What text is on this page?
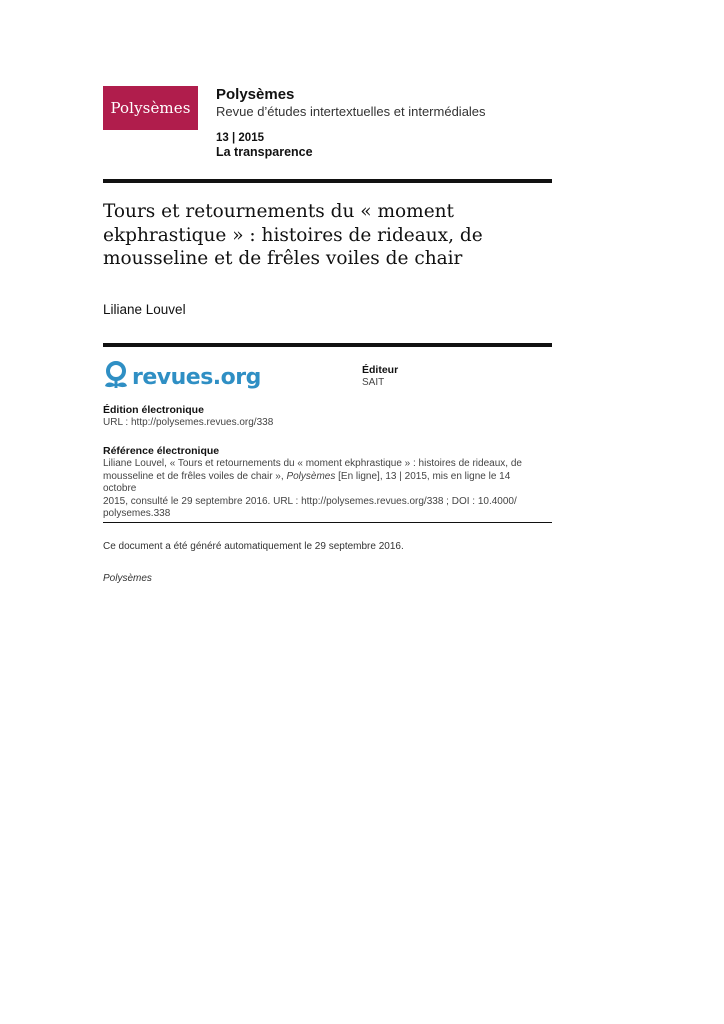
Polysèmes
Polysèmes
Revue d’études intertextuelles et intermédiales
13 | 2015
La transparence
Tours et retournements du « moment
ekphrastique » : histoires de rideaux, de
mousseline et de frêles voiles de chair
Liliane Louvel
revues.org	Éditeur
SAIT
Édition électronique
URL : http://polysemes.revues.org/338
Référence électronique
Liliane Louvel, « Tours et retournements du « moment ekphrastique » : histoires de rideaux, de
mousseline et de frêles voiles de chair », Polysèmes [En ligne], 13 | 2015, mis en ligne le 14 octobre
2015, consulté le 29 septembre 2016. URL : http://polysemes.revues.org/338 ; DOI : 10.4000/
polysemes.338
Ce document a été généré automatiquement le 29 septembre 2016.
Polysèmes
